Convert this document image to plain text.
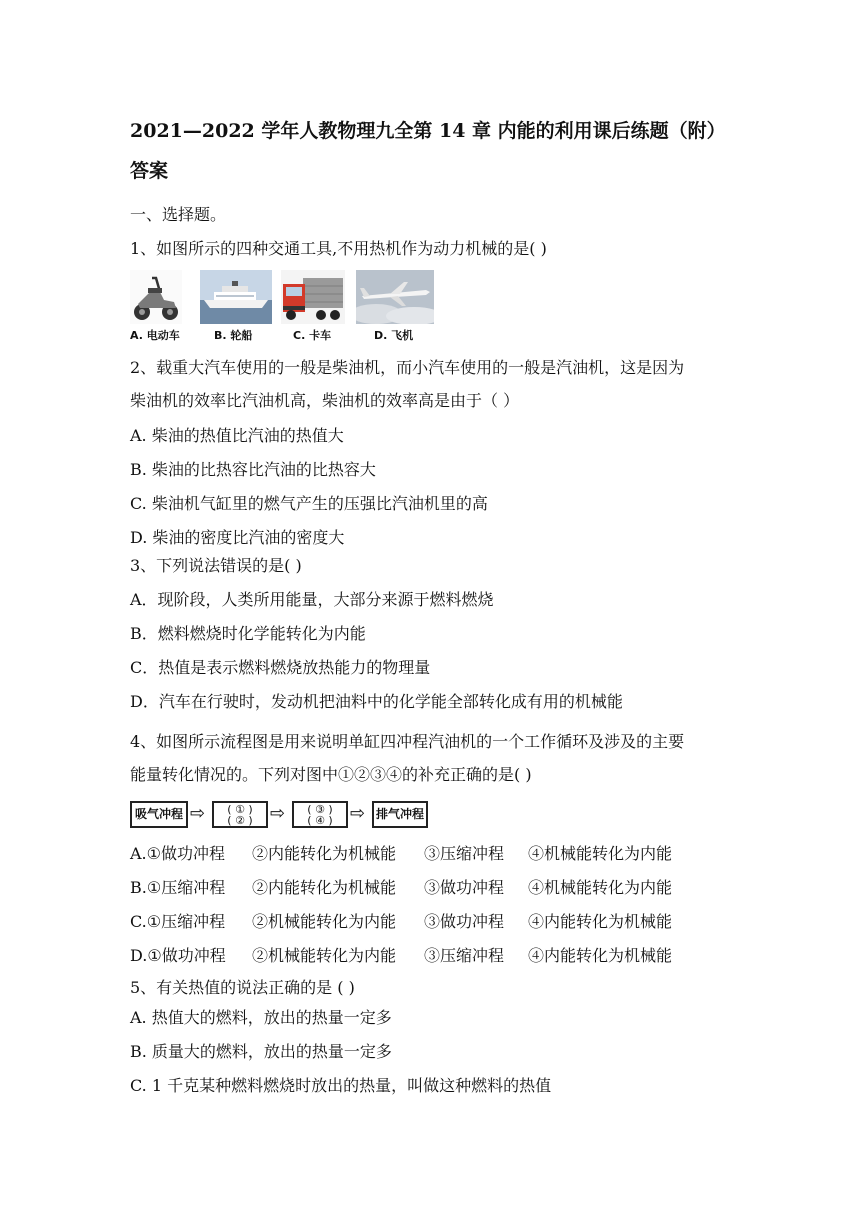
2021—2022 学年人教物理九全第 14 章 内能的利用课后练题（附）
答案
一、选择题。
1、如图所示的四种交通工具,不用热机作为动力机械的是( )
A. 电动车	B. 轮船	C. 卡车	D. 飞机
2、载重大汽车使用的一般是柴油机，而小汽车使用的一般是汽油机，这是因为
柴油机的效率比汽油机高，柴油机的效率高是由于（ ）
A. 柴油的热值比汽油的热值大
B. 柴油的比热容比汽油的比热容大
C. 柴油机气缸里的燃气产生的压强比汽油机里的高
D. 柴油的密度比汽油的密度大
3、下列说法错误的是( )
A．现阶段，人类所用能量，大部分来源于燃料燃烧
B．燃料燃烧时化学能转化为内能
C．热值是表示燃料燃烧放热能力的物理量
D．汽车在行驶时，发动机把油料中的化学能全部转化成有用的机械能
4、如图所示流程图是用来说明单缸四冲程汽油机的一个工作循环及涉及的主要
能量转化情况的。下列对图中①②③④的补充正确的是( )
吸气冲程 ⇨	( ① )
( ② ) ⇨	( ③ )
( ④ ) ⇨ 排气冲程
A.①做功冲程 ②内能转化为机械能 ③压缩冲程 ④机械能转化为内能
B.①压缩冲程 ②内能转化为机械能 ③做功冲程 ④机械能转化为内能
C.①压缩冲程 ②机械能转化为内能 ③做功冲程 ④内能转化为机械能
D.①做功冲程 ②机械能转化为内能 ③压缩冲程 ④内能转化为机械能
5、有关热值的说法正确的是 ( )
A. 热值大的燃料，放出的热量一定多
B. 质量大的燃料，放出的热量一定多
C. 1 千克某种燃料燃烧时放出的热量，叫做这种燃料的热值
